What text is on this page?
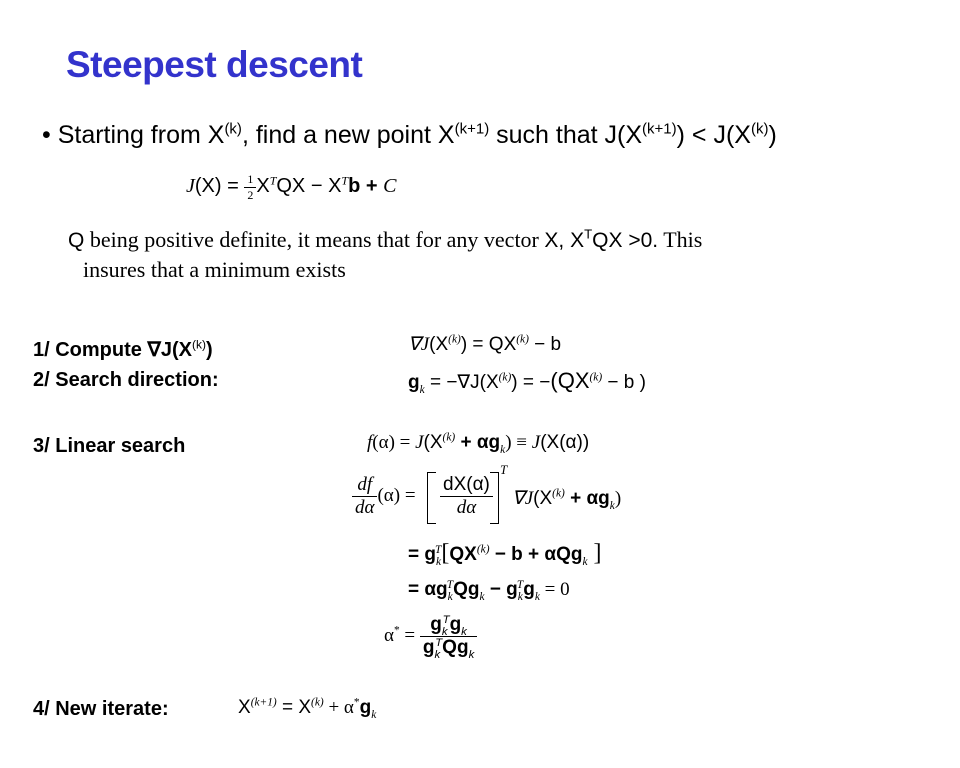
Steepest descent
• Starting from $X^{(k)}$, find a new point $X^{(k+1)}$ such that $J(X^{(k+1)}) < J(X^{(k)})$
$J(X) = \frac{1}{2} X^TQX - X^Tb + C$
Q being positive definite, it means that for any vector X, $X^TQX >0$. This
insures that a minimum exists
1/ Compute $\nabla J(X^{(k)})$
2/ Search direction:
3/ Linear search
4/ New iterate:
$\nabla J(X^{(k)}) = QX^{(k)} - b$
$g_k = -\nabla J(X^{(k)}) = -(QX^{(k)} - b$ )
$f(\alpha) = J(X^{(k)} + \alpha g_k) \equiv J(X(\alpha))$
$\frac{df}{d\alpha} (\alpha) = \frac{dX(\alpha)}{d\alpha}$
T
$\nabla J(X^{(k)} + \alpha g_k)$
= $g_k^T[QX^{(k)} - b + \alpha Qg_k$ ]
= $\alpha g_k^TQg_k - g_k^Tg_k = 0$
$\alpha^* = \frac{g_k^Tg_k}{g_k^TQg_k}$
$X^{(k+1)} = X^{(k)} + \alpha^*g_k$
